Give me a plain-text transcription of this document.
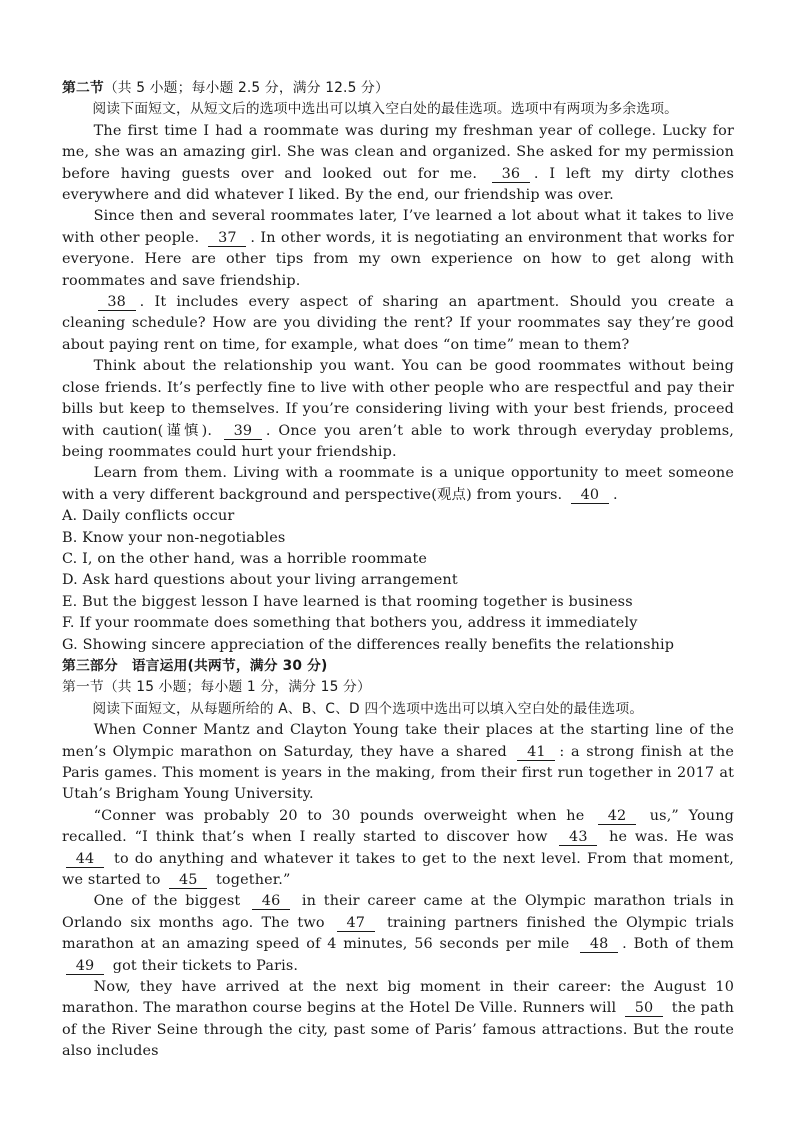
第二节（共 5 小题；每小题 2.5 分，满分 12.5 分）

阅读下面短文，从短文后的选项中选出可以填入空白处的最佳选项。选项中有两项为多余选项。

The first time I had a roommate was during my freshman year of college. Lucky for me, she was an amazing girl. She was clean and organized. She asked for my permission before having guests over and looked out for me. 36 . I left my dirty clothes everywhere and did whatever I liked. By the end, our friendship was over.

Since then and several roommates later, I’ve learned a lot about what it takes to live with other people. 37 . In other words, it is negotiating an environment that works for everyone. Here are other tips from my own experience on how to get along with roommates and save friendship.

38 . It includes every aspect of sharing an apartment. Should you create a cleaning schedule? How are you dividing the rent? If your roommates say they’re good about paying rent on time, for example, what does “on time” mean to them?

Think about the relationship you want. You can be good roommates without being close friends. It’s perfectly fine to live with other people who are respectful and pay their bills but keep to themselves. If you’re considering living with your best friends, proceed with caution(谨慎). 39 . Once you aren’t able to work through everyday problems, being roommates could hurt your friendship.

Learn from them. Living with a roommate is a unique opportunity to meet someone with a very different background and perspective(观点) from yours. 40 .

A. Daily conflicts occur

B. Know your non-negotiables

C. I, on the other hand, was a horrible roommate

D. Ask hard questions about your living arrangement

E. But the biggest lesson I have learned is that rooming together is business

F. If your roommate does something that bothers you, address it immediately

G. Showing sincere appreciation of the differences really benefits the relationship

第三部分　语言运用(共两节，满分 30 分)
第一节（共 15 小题；每小题 1 分，满分 15 分）

阅读下面短文，从每题所给的 A、B、C、D 四个选项中选出可以填入空白处的最佳选项。

When Conner Mantz and Clayton Young take their places at the starting line of the men’s Olympic marathon on Saturday, they have a shared 41 : a strong finish at the Paris games. This moment is years in the making, from their first run together in 2017 at Utah’s Brigham Young University.

“Conner was probably 20 to 30 pounds overweight when he 42 us,” Young recalled. “I think that’s when I really started to discover how 43 he was. He was 44 to do anything and whatever it takes to get to the next level. From that moment, we started to 45 together.”

One of the biggest 46 in their career came at the Olympic marathon trials in Orlando six months ago. The two 47 training partners finished the Olympic trials marathon at an amazing speed of 4 minutes, 56 seconds per mile 48 . Both of them 49 got their tickets to Paris.

Now, they have arrived at the next big moment in their career: the August 10 marathon. The marathon course begins at the Hotel De Ville. Runners will 50 the path of the River Seine through the city, past some of Paris’ famous attractions. But the route also includes
